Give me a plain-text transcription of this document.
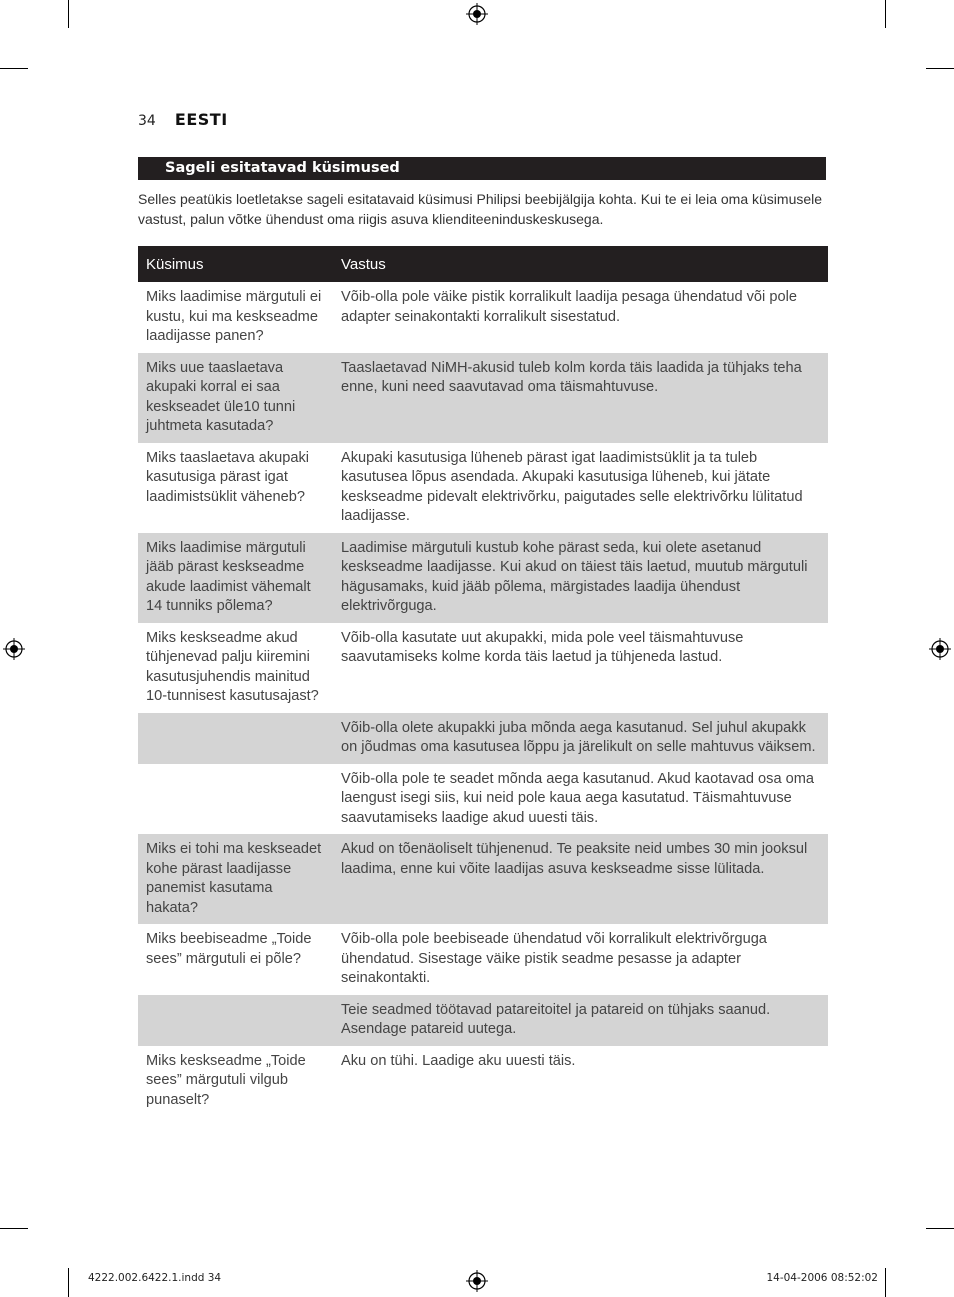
34 EESTI
Sageli esitatavad küsimused
Selles peatükis loetletakse sageli esitatavaid küsimusi Philipsi beebijälgija kohta. Kui te ei leia oma küsimusele vastust, palun võtke ühendust oma riigis asuva klienditeeninduskeskusega.
Küsimus	Vastus
Miks laadimise märgutuli ei kustu, kui ma keskseadme laadijasse panen?	Võib-olla pole väike pistik korralikult laadija pesaga ühendatud või pole adapter seinakontakti korralikult sisestatud.
Miks uue taaslaetava akupaki korral ei saa keskseadet üle10 tunni juhtmeta kasutada?	Taaslaetavad NiMH-akusid tuleb kolm korda täis laadida ja tühjaks teha enne, kuni need saavutavad oma täismahtuvuse.
Miks taaslaetava akupaki kasutusiga pärast igat laadimistsüklit väheneb?	Akupaki kasutusiga lüheneb pärast igat laadimistsüklit ja ta tuleb kasutusea lõpus asendada. Akupaki kasutusiga lüheneb, kui jätate keskseadme pidevalt elektrivõrku, paigutades selle elektrivõrku lülitatud laadijasse.
Miks laadimise märgutuli jääb pärast keskseadme akude laadimist vähemalt 14 tunniks põlema?	Laadimise märgutuli kustub kohe pärast seda, kui olete asetanud keskseadme laadijasse. Kui akud on täiest täis laetud, muutub märgutuli hägusamaks, kuid jääb põlema, märgistades laadija ühendust elektrivõrguga.
Miks keskseadme akud tühjenevad palju kiiremini kasutusjuhendis mainitud 10-tunnisest kasutusajast?	Võib-olla kasutate uut akupakki, mida pole veel täismahtuvuse saavutamiseks kolme korda täis laetud ja tühjeneda lastud.
	Võib-olla olete akupakki juba mõnda aega kasutanud. Sel juhul akupakk on jõudmas oma kasutusea lõppu ja järelikult on selle mahtuvus väiksem.
	Võib-olla pole te seadet mõnda aega kasutanud. Akud kaotavad osa oma laengust isegi siis, kui neid pole kaua aega kasutatud. Täismahtuvuse saavutamiseks laadige akud uuesti täis.
Miks ei tohi ma keskseadet kohe pärast laadijasse panemist kasutama hakata?	Akud on tõenäoliselt tühjenenud. Te peaksite neid umbes 30 min jooksul laadima, enne kui võite laadijas asuva keskseadme sisse lülitada.
Miks beebiseadme „Toide sees” märgutuli ei põle?	Võib-olla pole beebiseade ühendatud või korralikult elektrivõrguga ühendatud. Sisestage väike pistik seadme pesasse ja adapter seinakontakti.
	Teie seadmed töötavad patareitoitel ja patareid on tühjaks saanud. Asendage patareid uutega.
Miks keskseadme „Toide sees” märgutuli vilgub punaselt?	Aku on tühi. Laadige aku uuesti täis.
4222.002.6422.1.indd 34	14-04-2006 08:52:02
